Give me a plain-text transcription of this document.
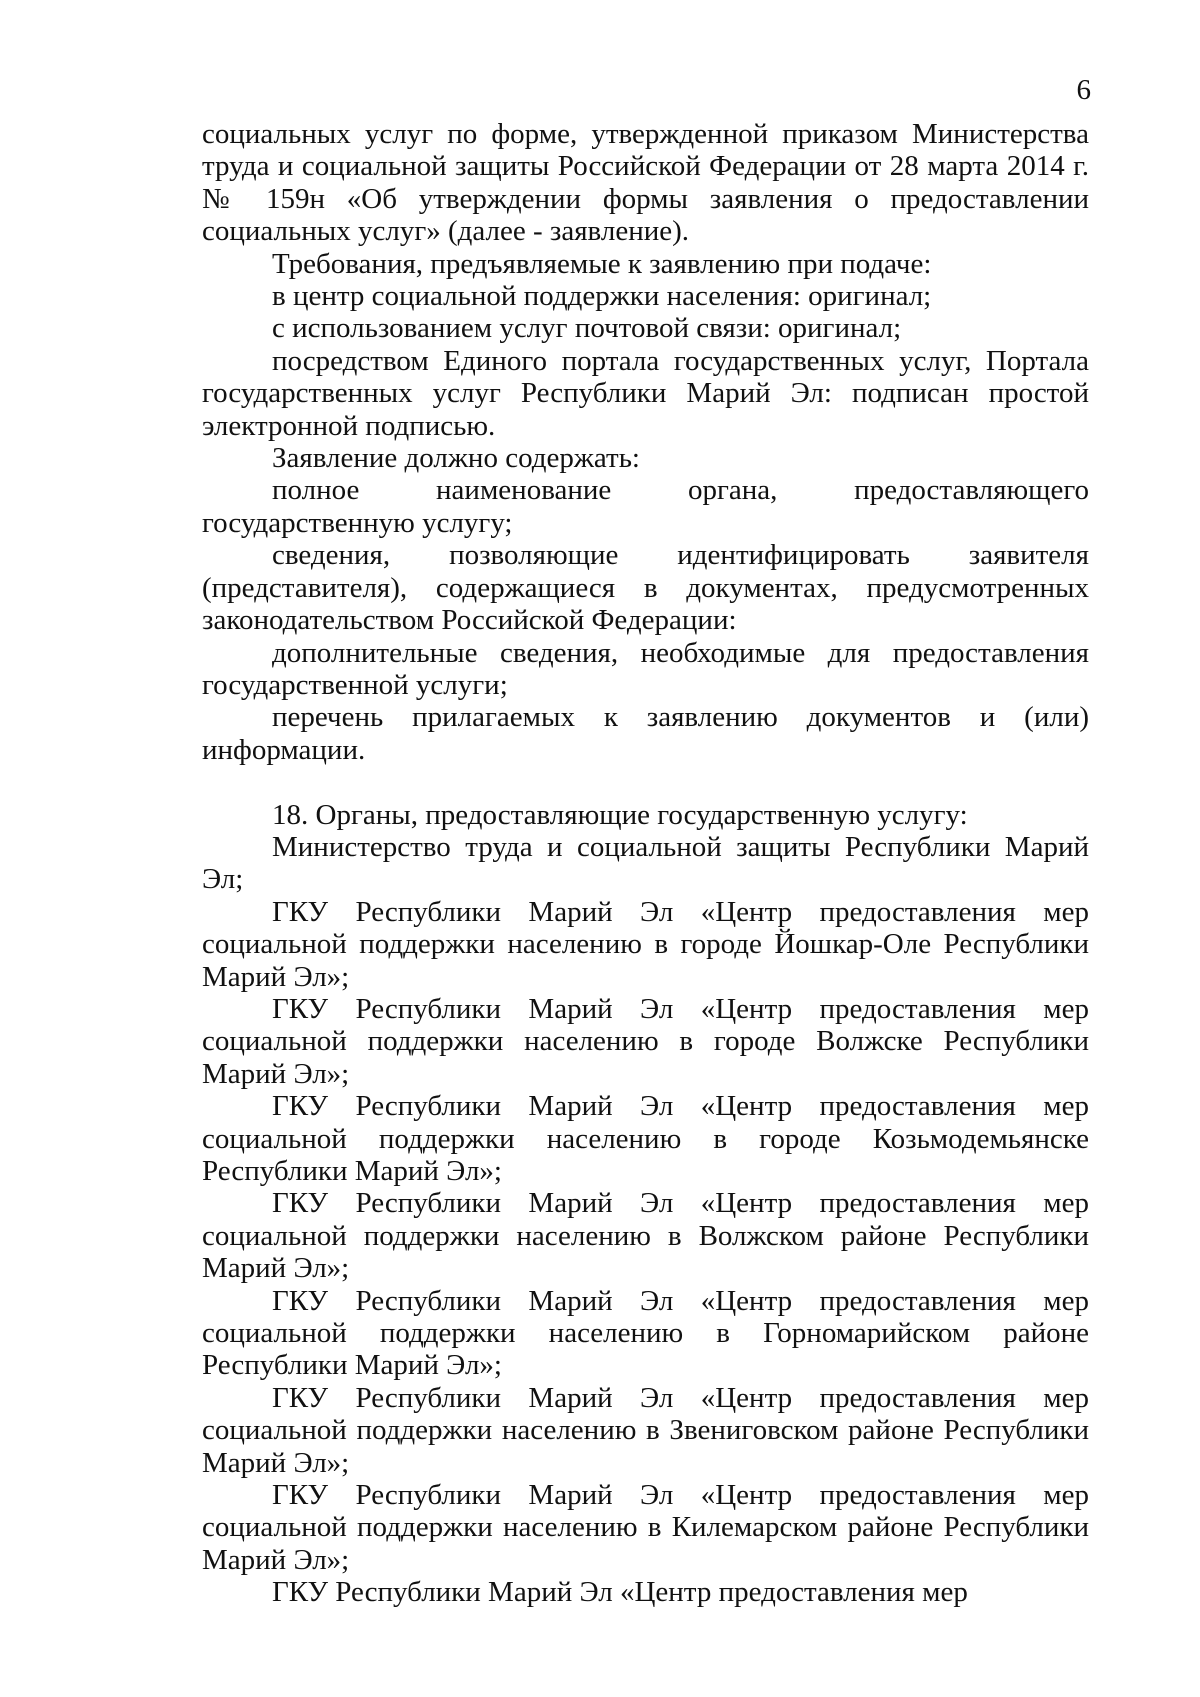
6

социальных услуг по форме, утвержденной приказом Министерства труда и социальной защиты Российской Федерации от 28 марта 2014 г. № 159н «Об утверждении формы заявления о предоставлении социальных услуг» (далее - заявление).

Требования, предъявляемые к заявлению при подаче:

в центр социальной поддержки населения: оригинал;

с использованием услуг почтовой связи: оригинал;

посредством Единого портала государственных услуг, Портала государственных услуг Республики Марий Эл: подписан простой электронной подписью.

Заявление должно содержать:

полное наименование органа, предоставляющего государственную услугу;

сведения, позволяющие идентифицировать заявителя (представителя), содержащиеся в документах, предусмотренных законодательством Российской Федерации:

дополнительные сведения, необходимые для предоставления государственной услуги;

перечень прилагаемых к заявлению документов и (или) информации.

18. Органы, предоставляющие государственную услугу:

Министерство труда и социальной защиты Республики Марий Эл;

ГКУ Республики Марий Эл «Центр предоставления мер социальной поддержки населению в городе Йошкар-Оле Республики Марий Эл»;

ГКУ Республики Марий Эл «Центр предоставления мер социальной поддержки населению в городе Волжске Республики Марий Эл»;

ГКУ Республики Марий Эл «Центр предоставления мер социальной поддержки населению в городе Козьмодемьянске Республики Марий Эл»;

ГКУ Республики Марий Эл «Центр предоставления мер социальной поддержки населению в Волжском районе Республики Марий Эл»;

ГКУ Республики Марий Эл «Центр предоставления мер социальной поддержки населению в Горномарийском районе Республики Марий Эл»;

ГКУ Республики Марий Эл «Центр предоставления мер социальной поддержки населению в Звениговском районе Республики Марий Эл»;

ГКУ Республики Марий Эл «Центр предоставления мер социальной поддержки населению в Килемарском районе Республики Марий Эл»;

ГКУ Республики Марий Эл «Центр предоставления мер
